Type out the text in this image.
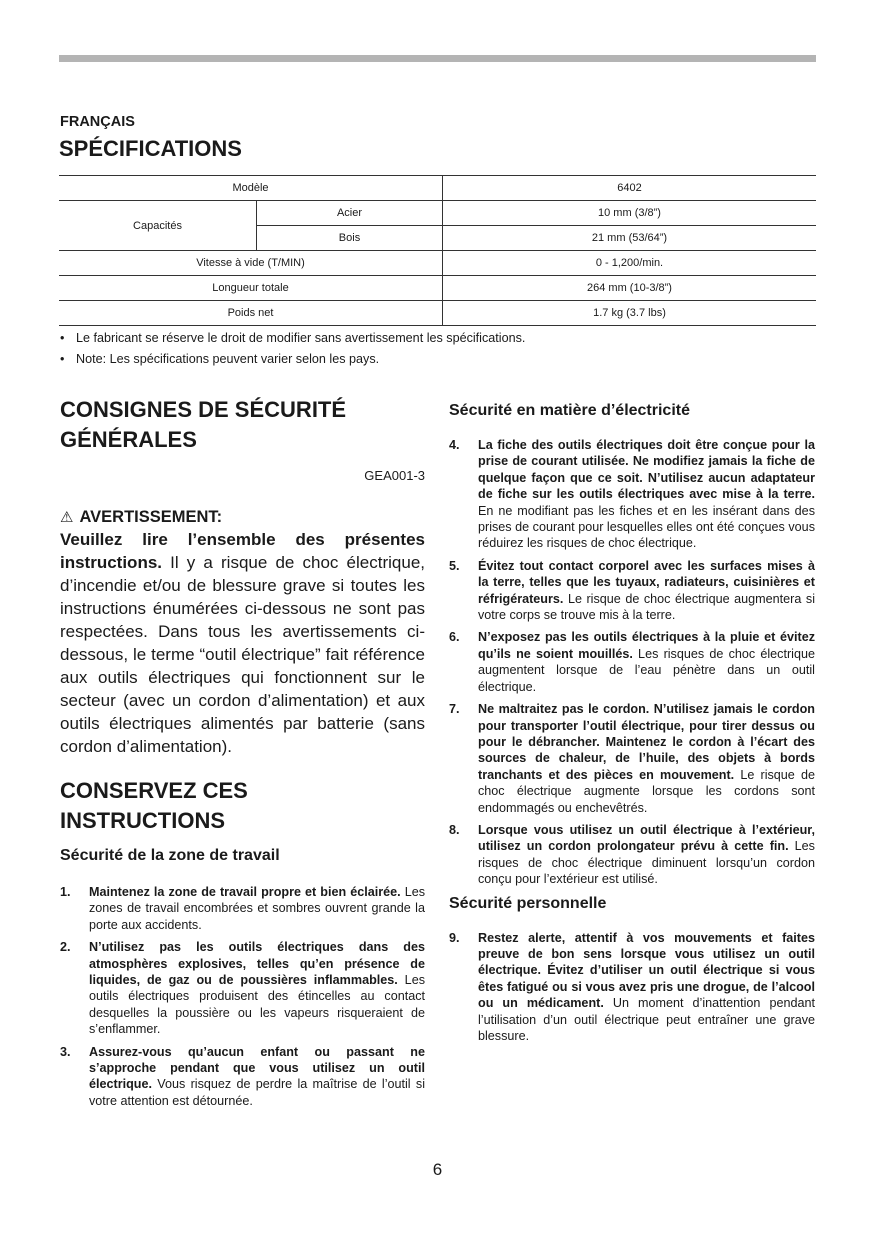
FRANÇAIS
SPÉCIFICATIONS
Modèle		6402
Capacités	Acier	10 mm (3/8”)
	Bois	21 mm (53/64”)
Vitesse à vide (T/MIN)		0 - 1,200/min.
Longueur totale		264 mm (10-3/8”)
Poids net		1.7 kg (3.7 lbs)
• Le fabricant se réserve le droit de modifier sans avertissement les spécifications.
• Note: Les spécifications peuvent varier selon les pays.
CONSIGNES DE SÉCURITÉ
GÉNÉRALES
GEA001-3
⚠ AVERTISSEMENT:
Veuillez lire l’ensemble des présentes instructions. Il y a risque de choc électrique, d’incendie et/ou de blessure grave si toutes les instructions énumérées ci-dessous ne sont pas respectées. Dans tous les avertissements ci-dessous, le terme “outil électrique” fait référence aux outils électriques qui fonctionnent sur le secteur (avec un cordon d’alimentation) et aux outils électriques alimentés par batterie (sans cordon d’alimentation).
CONSERVEZ CES
INSTRUCTIONS
Sécurité de la zone de travail
1. Maintenez la zone de travail propre et bien éclairée. Les zones de travail encombrées et sombres ouvrent grande la porte aux accidents.
2. N’utilisez pas les outils électriques dans des atmosphères explosives, telles qu’en présence de liquides, de gaz ou de poussières inflammables. Les outils électriques produisent des étincelles au contact desquelles la poussière ou les vapeurs risqueraient de s’enflammer.
3. Assurez-vous qu’aucun enfant ou passant ne s’approche pendant que vous utilisez un outil électrique. Vous risquez de perdre la maîtrise de l’outil si votre attention est détournée.
Sécurité en matière d’électricité
4. La fiche des outils électriques doit être conçue pour la prise de courant utilisée. Ne modifiez jamais la fiche de quelque façon que ce soit. N’utilisez aucun adaptateur de fiche sur les outils électriques avec mise à la terre. En ne modifiant pas les fiches et en les insérant dans des prises de courant pour lesquelles elles ont été conçues vous réduirez les risques de choc électrique.
5. Évitez tout contact corporel avec les surfaces mises à la terre, telles que les tuyaux, radiateurs, cuisinières et réfrigérateurs. Le risque de choc électrique augmentera si votre corps se trouve mis à la terre.
6. N’exposez pas les outils électriques à la pluie et évitez qu’ils ne soient mouillés. Les risques de choc électrique augmentent lorsque de l’eau pénètre dans un outil électrique.
7. Ne maltraitez pas le cordon. N’utilisez jamais le cordon pour transporter l’outil électrique, pour tirer dessus ou pour le débrancher. Maintenez le cordon à l’écart des sources de chaleur, de l’huile, des objets à bords tranchants et des pièces en mouvement. Le risque de choc électrique augmente lorsque les cordons sont endommagés ou enchevêtrés.
8. Lorsque vous utilisez un outil électrique à l’extérieur, utilisez un cordon prolongateur prévu à cette fin. Les risques de choc électrique diminuent lorsqu’un cordon conçu pour l’extérieur est utilisé.
Sécurité personnelle
9. Restez alerte, attentif à vos mouvements et faites preuve de bon sens lorsque vous utilisez un outil électrique. Évitez d’utiliser un outil électrique si vous êtes fatigué ou si vous avez pris une drogue, de l’alcool ou un médicament. Un moment d’inattention pendant l’utilisation d’un outil électrique peut entraîner une grave blessure.
6
